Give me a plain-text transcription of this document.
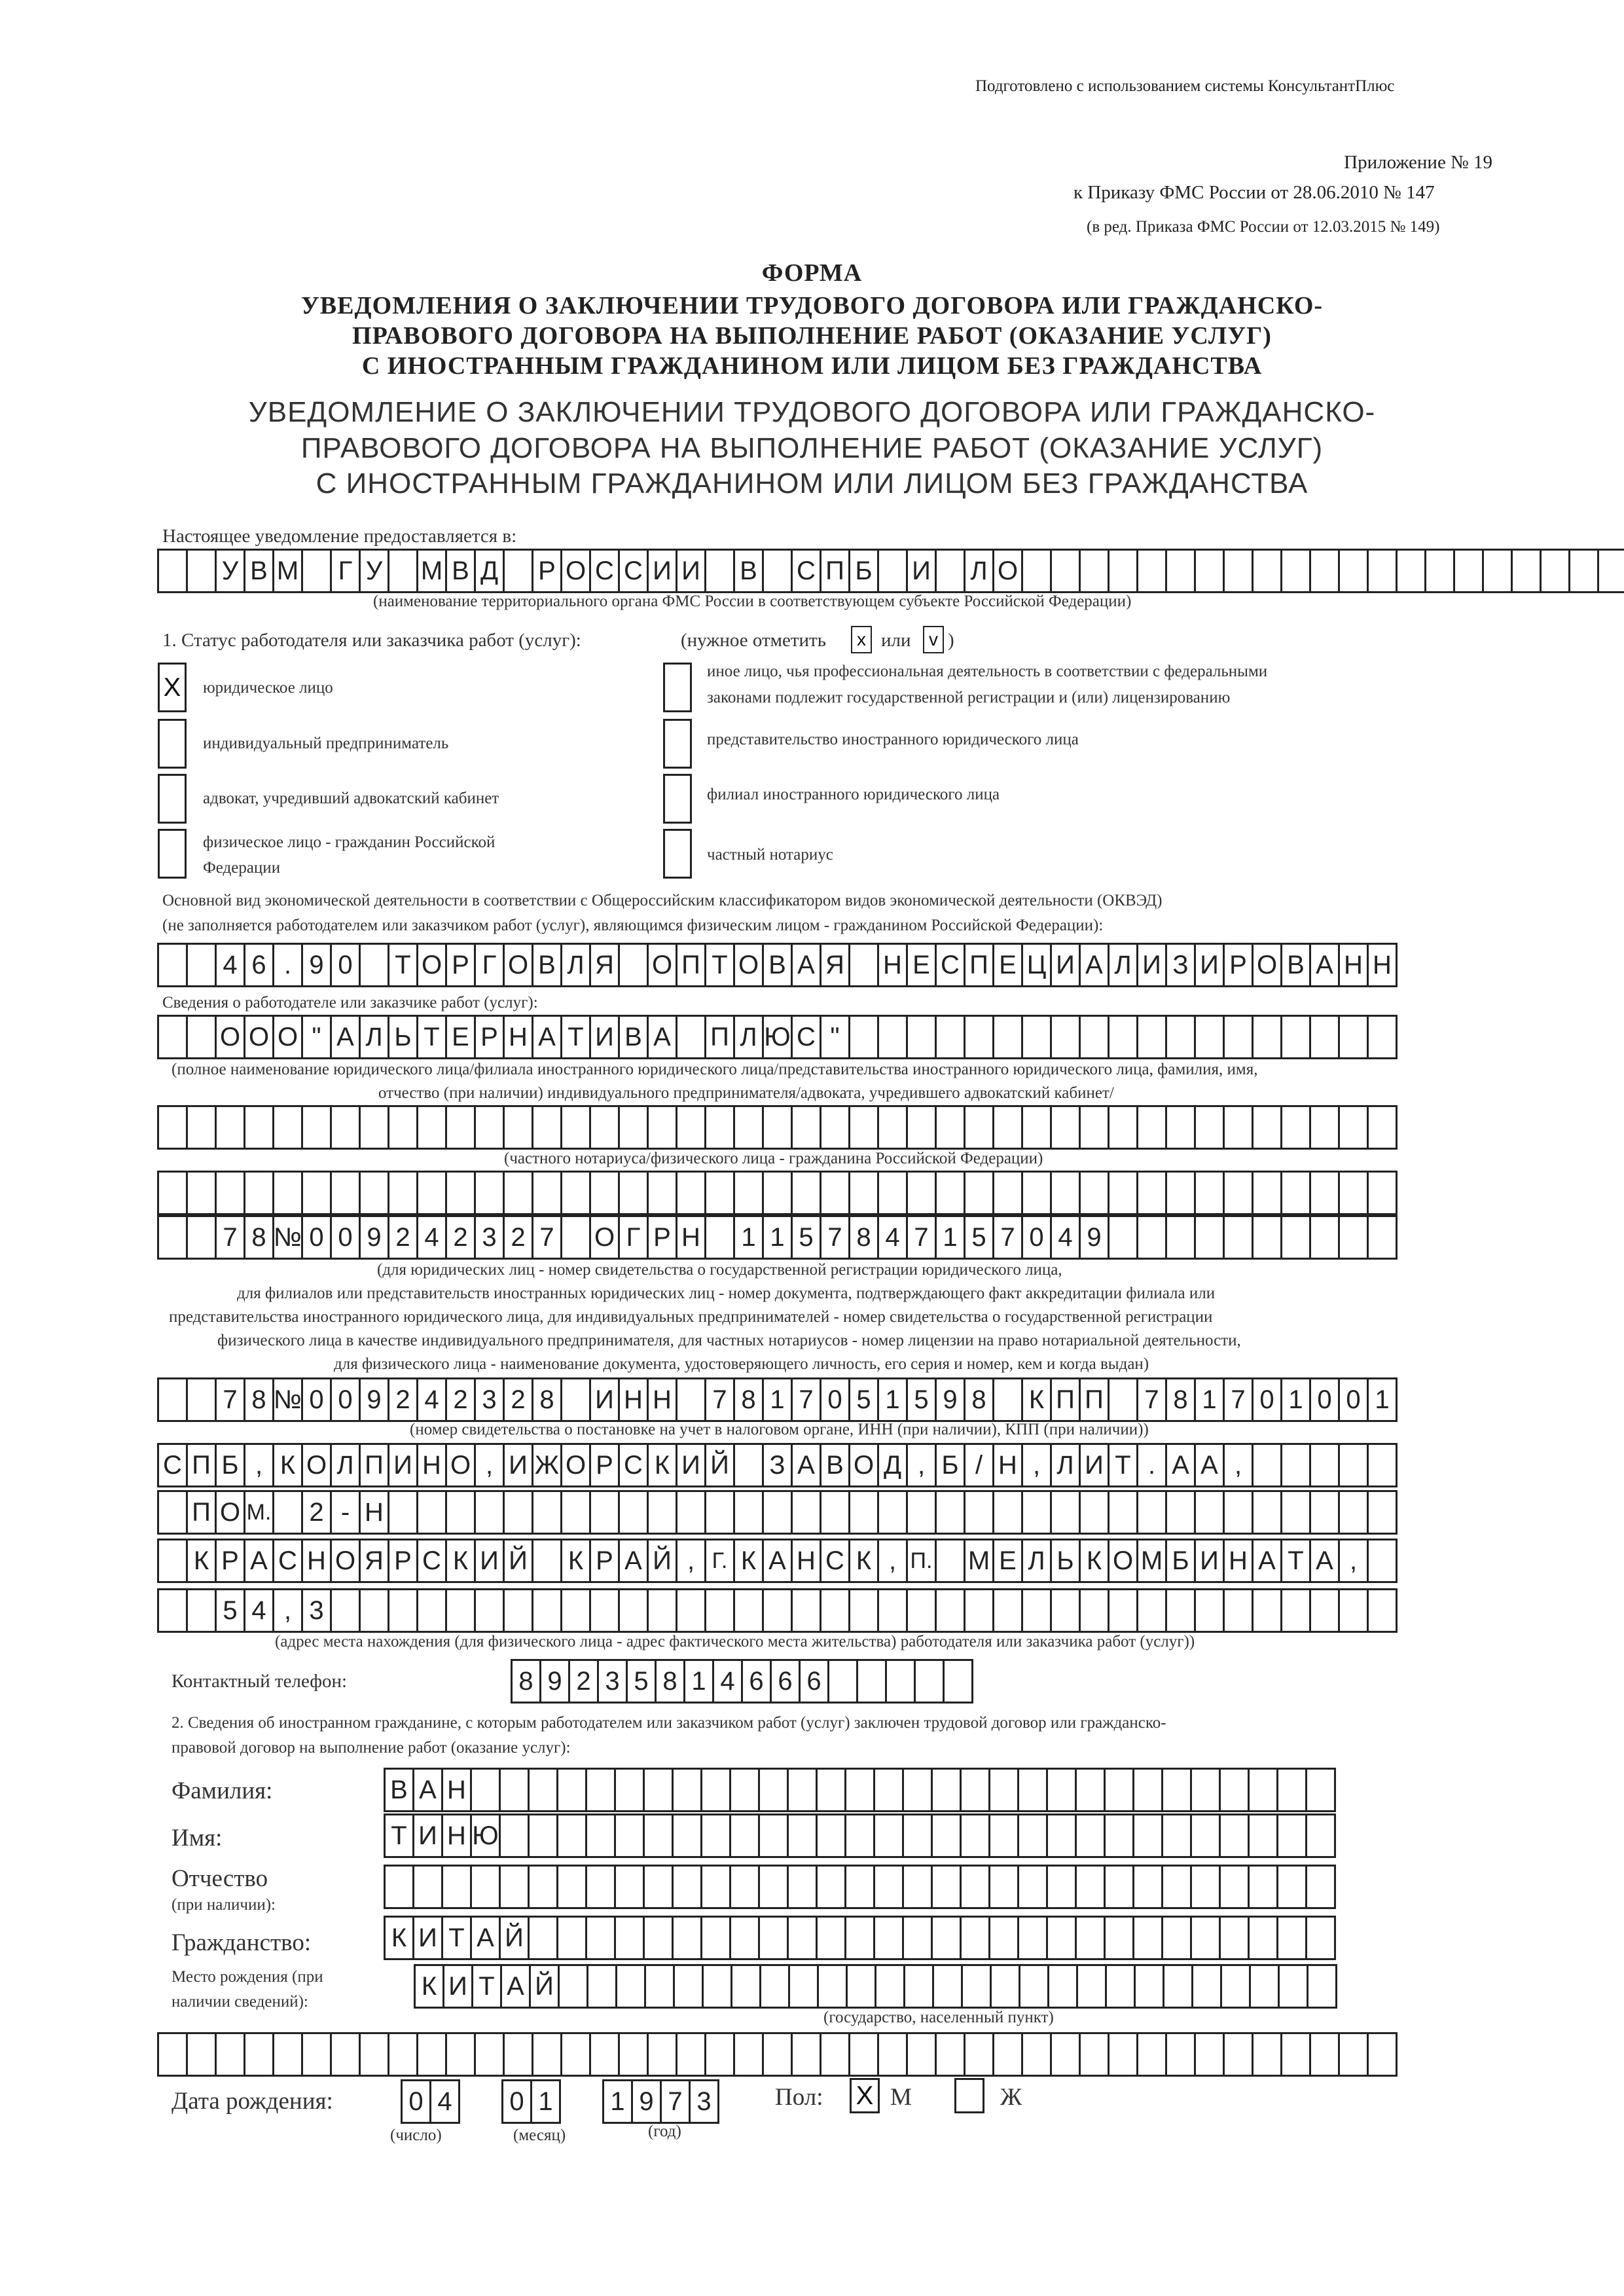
Подготовлено с использованием системы КонсультантПлюс
Приложение № 19
к Приказу ФМС России от 28.06.2010 № 147
(в ред. Приказа ФМС России от 12.03.2015 № 149)
ФОРМА
УВЕДОМЛЕНИЯ О ЗАКЛЮЧЕНИИ ТРУДОВОГО ДОГОВОРА ИЛИ ГРАЖДАНСКО-
ПРАВОВОГО ДОГОВОРА НА ВЫПОЛНЕНИЕ РАБОТ (ОКАЗАНИЕ УСЛУГ)
С ИНОСТРАННЫМ ГРАЖДАНИНОМ ИЛИ ЛИЦОМ БЕЗ ГРАЖДАНСТВА
УВЕДОМЛЕНИЕ О ЗАКЛЮЧЕНИИ ТРУДОВОГО ДОГОВОРА ИЛИ ГРАЖДАНСКО-
ПРАВОВОГО ДОГОВОРА НА ВЫПОЛНЕНИЕ РАБОТ (ОКАЗАНИЕ УСЛУГ)
С ИНОСТРАННЫМ ГРАЖДАНИНОМ ИЛИ ЛИЦОМ БЕЗ ГРАЖДАНСТВА
Настоящее уведомление предоставляется в:
У В М	Г У М В Д Р О С С И И В С П Б И Л О
(наименование территориального органа ФМС России в соответствующем субъекте Российской Федерации)
1. Статус работодателя или заказчика работ (услуг):	(нужное отметить	x или v )
X	юридическое лицо
индивидуальный предприниматель
адвокат, учредивший адвокатский кабинет
физическое лицо - гражданин Российской
Федерации
иное лицо, чья профессиональная деятельность в соответствии с федеральными
законами подлежит государственной регистрации и (или) лицензированию
представительство иностранного юридического лица
филиал иностранного юридического лица
частный нотариус
Основной вид экономической деятельности в соответствии с Общероссийским классификатором видов экономической деятельности (ОКВЭД)
(не заполняется работодателем или заказчиком работ (услуг), являющимся физическим лицом - гражданином Российской Федерации):
4 6 . 9 0	Т О Р Г О В Л Я О П Т О В А Я Н Е С П Е Ц И А Л И З И Р О В А Н Н
Сведения о работодателе или заказчике работ (услуг):
О О О " А Л Ь Т Е Р Н А Т И В А П Л Ю С "
(полное наименование юридического лица/филиала иностранного юридического лица/представительства иностранного юридического лица, фамилия, имя,
отчество (при наличии) индивидуального предпринимателя/адвоката, учредившего адвокатский кабинет/
(частного нотариуса/физического лица - гражданина Российской Федерации)
7 8 № 0 0 9 2 4 2 3 2 7	О Г Р Н	1 1 5 7 8 4 7 1 5 7 0 4 9
(для юридических лиц - номер свидетельства о государственной регистрации юридического лица,
для филиалов или представительств иностранных юридических лиц - номер документа, подтверждающего факт аккредитации филиала или
представительства иностранного юридического лица, для индивидуальных предпринимателей - номер свидетельства о государственной регистрации
физического лица в качестве индивидуального предпринимателя, для частных нотариусов - номер лицензии на право нотариальной деятельности,
для физического лица - наименование документа, удостоверяющего личность, его серия и номер, кем и когда выдан)
7 8 № 0 0 9 2 4 2 3 2 8	И Н Н	7 8 1 7 0 5 1 5 9 8	К П П	7 8 1 7 0 1 0 0 1
(номер свидетельства о постановке на учет в налоговом органе, ИНН (при наличии), КПП (при наличии))
С П Б , К О Л П И Н О , И Ж О Р С К И Й З А В О Д , Б / Н , Л И Т . А А ,
П О М.	2 - Н
К Р А С Н О Я Р С К И Й К Р А Й , Г. К А Н С К , П. М Е Л Ь К О М Б И Н А Т А ,
5 4 , 3
(адрес места нахождения (для физического лица - адрес фактического места жительства) работодателя или заказчика работ (услуг))
Контактный телефон:	8 9 2 3 5 8 1 4 6 6 6
2. Сведения об иностранном гражданине, с которым работодателем или заказчиком работ (услуг) заключен трудовой договор или гражданско-
правовой договор на выполнение работ (оказание услуг):
Фамилия:	В А Н
Имя:	Т И Н Ю
Отчество
(при наличии):
Гражданство:	К И Т А Й
Место рождения (при
наличии сведений):
К И Т А Й
(государство, населенный пункт)
Дата рождения:	0 4	0 1	1 9 7 3
(число)	(месяц)	(год)
Пол: X М	Ж
